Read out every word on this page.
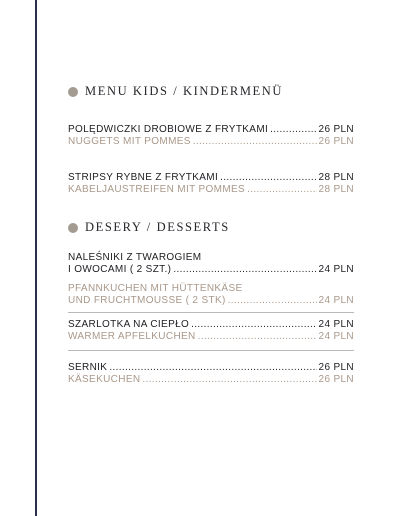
MENU KIDS / KINDERMENÜ
POLĘDWICZKI DROBIOWE Z FRYTKAMI .....	26 PLN
NUGGETS MIT POMMES .....	26 PLN
STRIPSY RYBNE Z FRYTKAMI .....	28 PLN
KABELJAUSTREIFEN MIT POMMES .....	28 PLN
DESERY / DESSERTS
NALEŚNIKI Z TWAROGIEM
I OWOCAMI ( 2 SZT.) .....	24 PLN
PFANNKUCHEN MIT HÜTTENKÄSE
UND FRUCHTMOUSSE ( 2 STK) .....	24 PLN
SZARLOTKA NA CIEPŁO .....	24 PLN
WARMER APFELKUCHEN .....	24 PLN
SERNIK .....	26 PLN
KÄSEKUCHEN .....	26 PLN
